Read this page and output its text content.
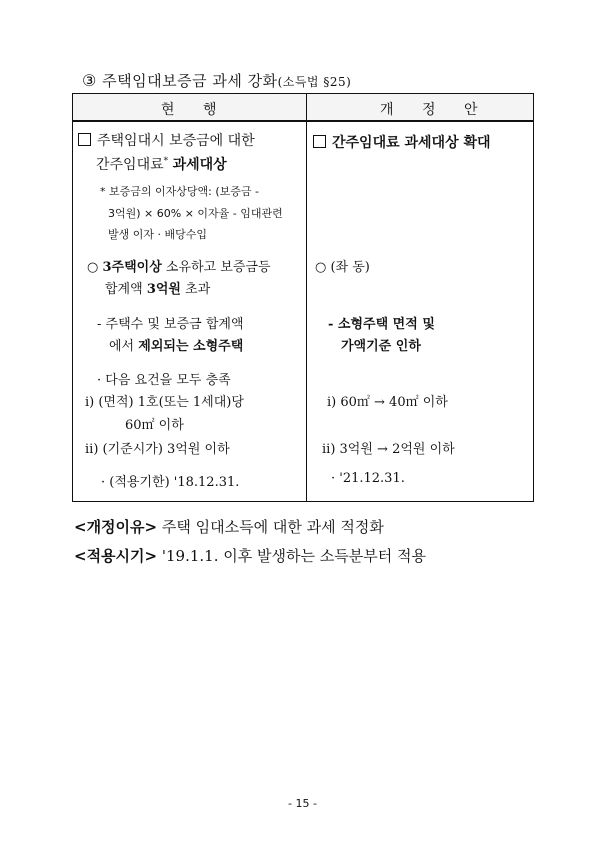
③ 주택임대보증금 과세 강화(소득법 §25)
현 행	개 정 안
주택임대시 보증금에 대한
간주임대료* 과세대상
* 보증금의 이자상당액: (보증금 -
3억원) × 60% × 이자율 - 임대관련
발생 이자 · 배당수입
○ 3주택이상 소유하고 보증금등
합계액 3억원 초과
- 주택수 및 보증금 합계액
에서 제외되는 소형주택
· 다음 요건을 모두 충족
ⅰ) (면적) 1호(또는 1세대)당
60㎡ 이하
ⅱ) (기준시가) 3억원 이하
· (적용기한) '18.12.31.
간주임대료 과세대상 확대
○ (좌 동)
- 소형주택 면적 및
가액기준 인하
ⅰ) 60㎡ → 40㎡ 이하
ⅱ) 3억원 → 2억원 이하
· '21.12.31.
<개정이유> 주택 임대소득에 대한 과세 적정화
<적용시기> '19.1.1. 이후 발생하는 소득분부터 적용
- 15 -
